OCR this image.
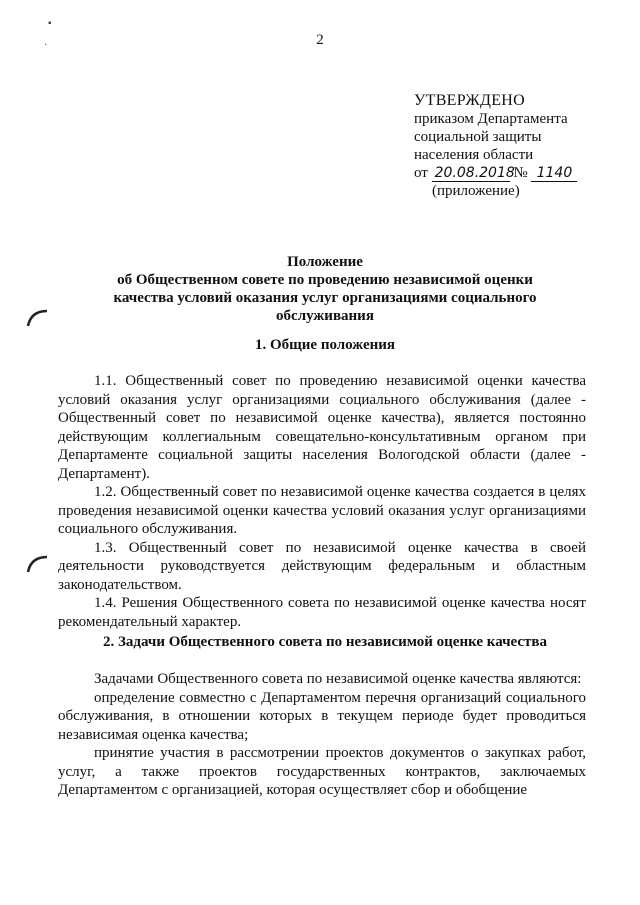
▪
·	2
УТВЕРЖДЕНО
приказом Департамента
социальной защиты
населения области
от 20.08.2018 № 1140
(приложение)
Положение
об Общественном совете по проведению независимой оценки
качества условий оказания услуг организациями социального
обслуживания
1. Общие положения

1.1. Общественный совет по проведению независимой оценки качества условий оказания услуг организациями социального обслуживания (далее - Общественный совет по независимой оценке качества), является постоянно действующим коллегиальным совещательно-консультативным органом при Департаменте социальной защиты населения Вологодской области (далее - Департамент).

1.2. Общественный совет по независимой оценке качества создается в целях проведения независимой оценки качества условий оказания услуг организациями социального обслуживания.

1.3. Общественный совет по независимой оценке качества в своей деятельности руководствуется действующим федеральным и областным законодательством.

1.4. Решения Общественного совета по независимой оценке качества носят рекомендательный характер.

2. Задачи Общественного совета по независимой оценке качества

Задачами Общественного совета по независимой оценке качества являются:

определение совместно с Департаментом перечня организаций социального обслуживания, в отношении которых в текущем периоде будет проводиться независимая оценка качества;

принятие участия в рассмотрении проектов документов о закупках работ, услуг, а также проектов государственных контрактов, заключаемых Департаментом с организацией, которая осуществляет сбор и обобщение
